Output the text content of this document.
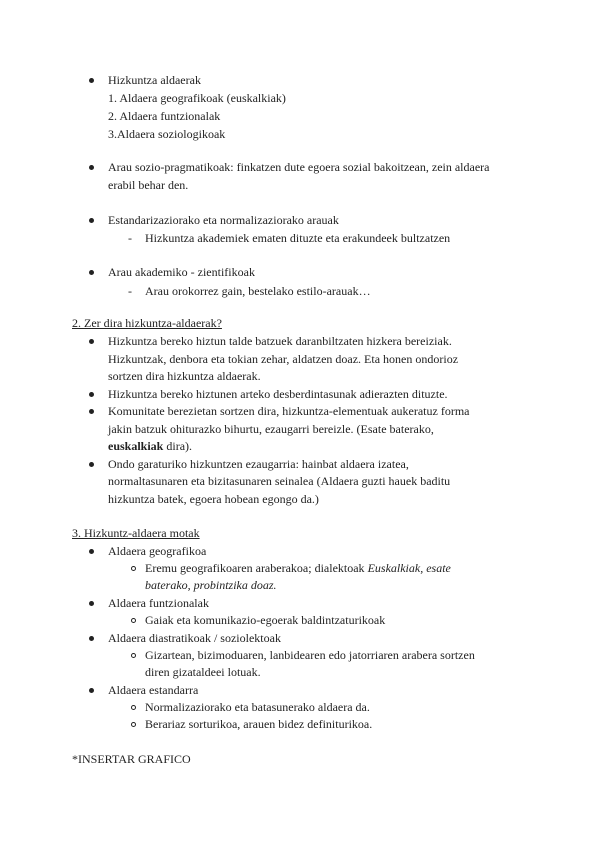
Hizkuntza aldaerak
1. Aldaera geografikoak (euskalkiak)
2. Aldaera funtzionalak
3.Aldaera soziologikoak
Arau sozio-pragmatikoak: finkatzen dute egoera sozial bakoitzean, zein aldaera
erabil behar den.
Estandarizaziorako eta normalizaziorako arauak
- Hizkuntza akademiek ematen dituzte eta erakundeek bultzatzen
Arau akademiko - zientifikoak
- Arau orokorrez gain, bestelako estilo-arauak…
2. Zer dira hizkuntza-aldaerak?
Hizkuntza bereko hiztun talde batzuek daranbiltzaten hizkera bereiziak.
Hizkuntzak, denbora eta tokian zehar, aldatzen doaz. Eta honen ondorioz
sortzen dira hizkuntza aldaerak.
Hizkuntza bereko hiztunen arteko desberdintasunak adierazten dituzte.
Komunitate berezietan sortzen dira, hizkuntza-elementuak aukeratuz forma
jakin batzuk ohiturazko bihurtu, ezaugarri bereizle. (Esate baterako,
euskalkiak dira).
Ondo garaturiko hizkuntzen ezaugarria: hainbat aldaera izatea,
normaltasunaren eta bizitasunaren seinalea (Aldaera guzti hauek baditu
hizkuntza batek, egoera hobean egongo da.)
3. Hizkuntz-aldaera motak
Aldaera geografikoa
Eremu geografikoaren araberakoa; dialektoak Euskalkiak, esate
baterako, probintzika doaz.
Aldaera funtzionalak
Gaiak eta komunikazio-egoerak baldintzaturikoak
Aldaera diastratikoak / soziolektoak
Gizartean, bizimoduaren, lanbidearen edo jatorriaren arabera sortzen
diren gizataldeei lotuak.
Aldaera estandarra
Normalizaziorako eta batasunerako aldaera da.
Berariaz sorturikoa, arauen bidez definiturikoa.
*INSERTAR GRAFICO
